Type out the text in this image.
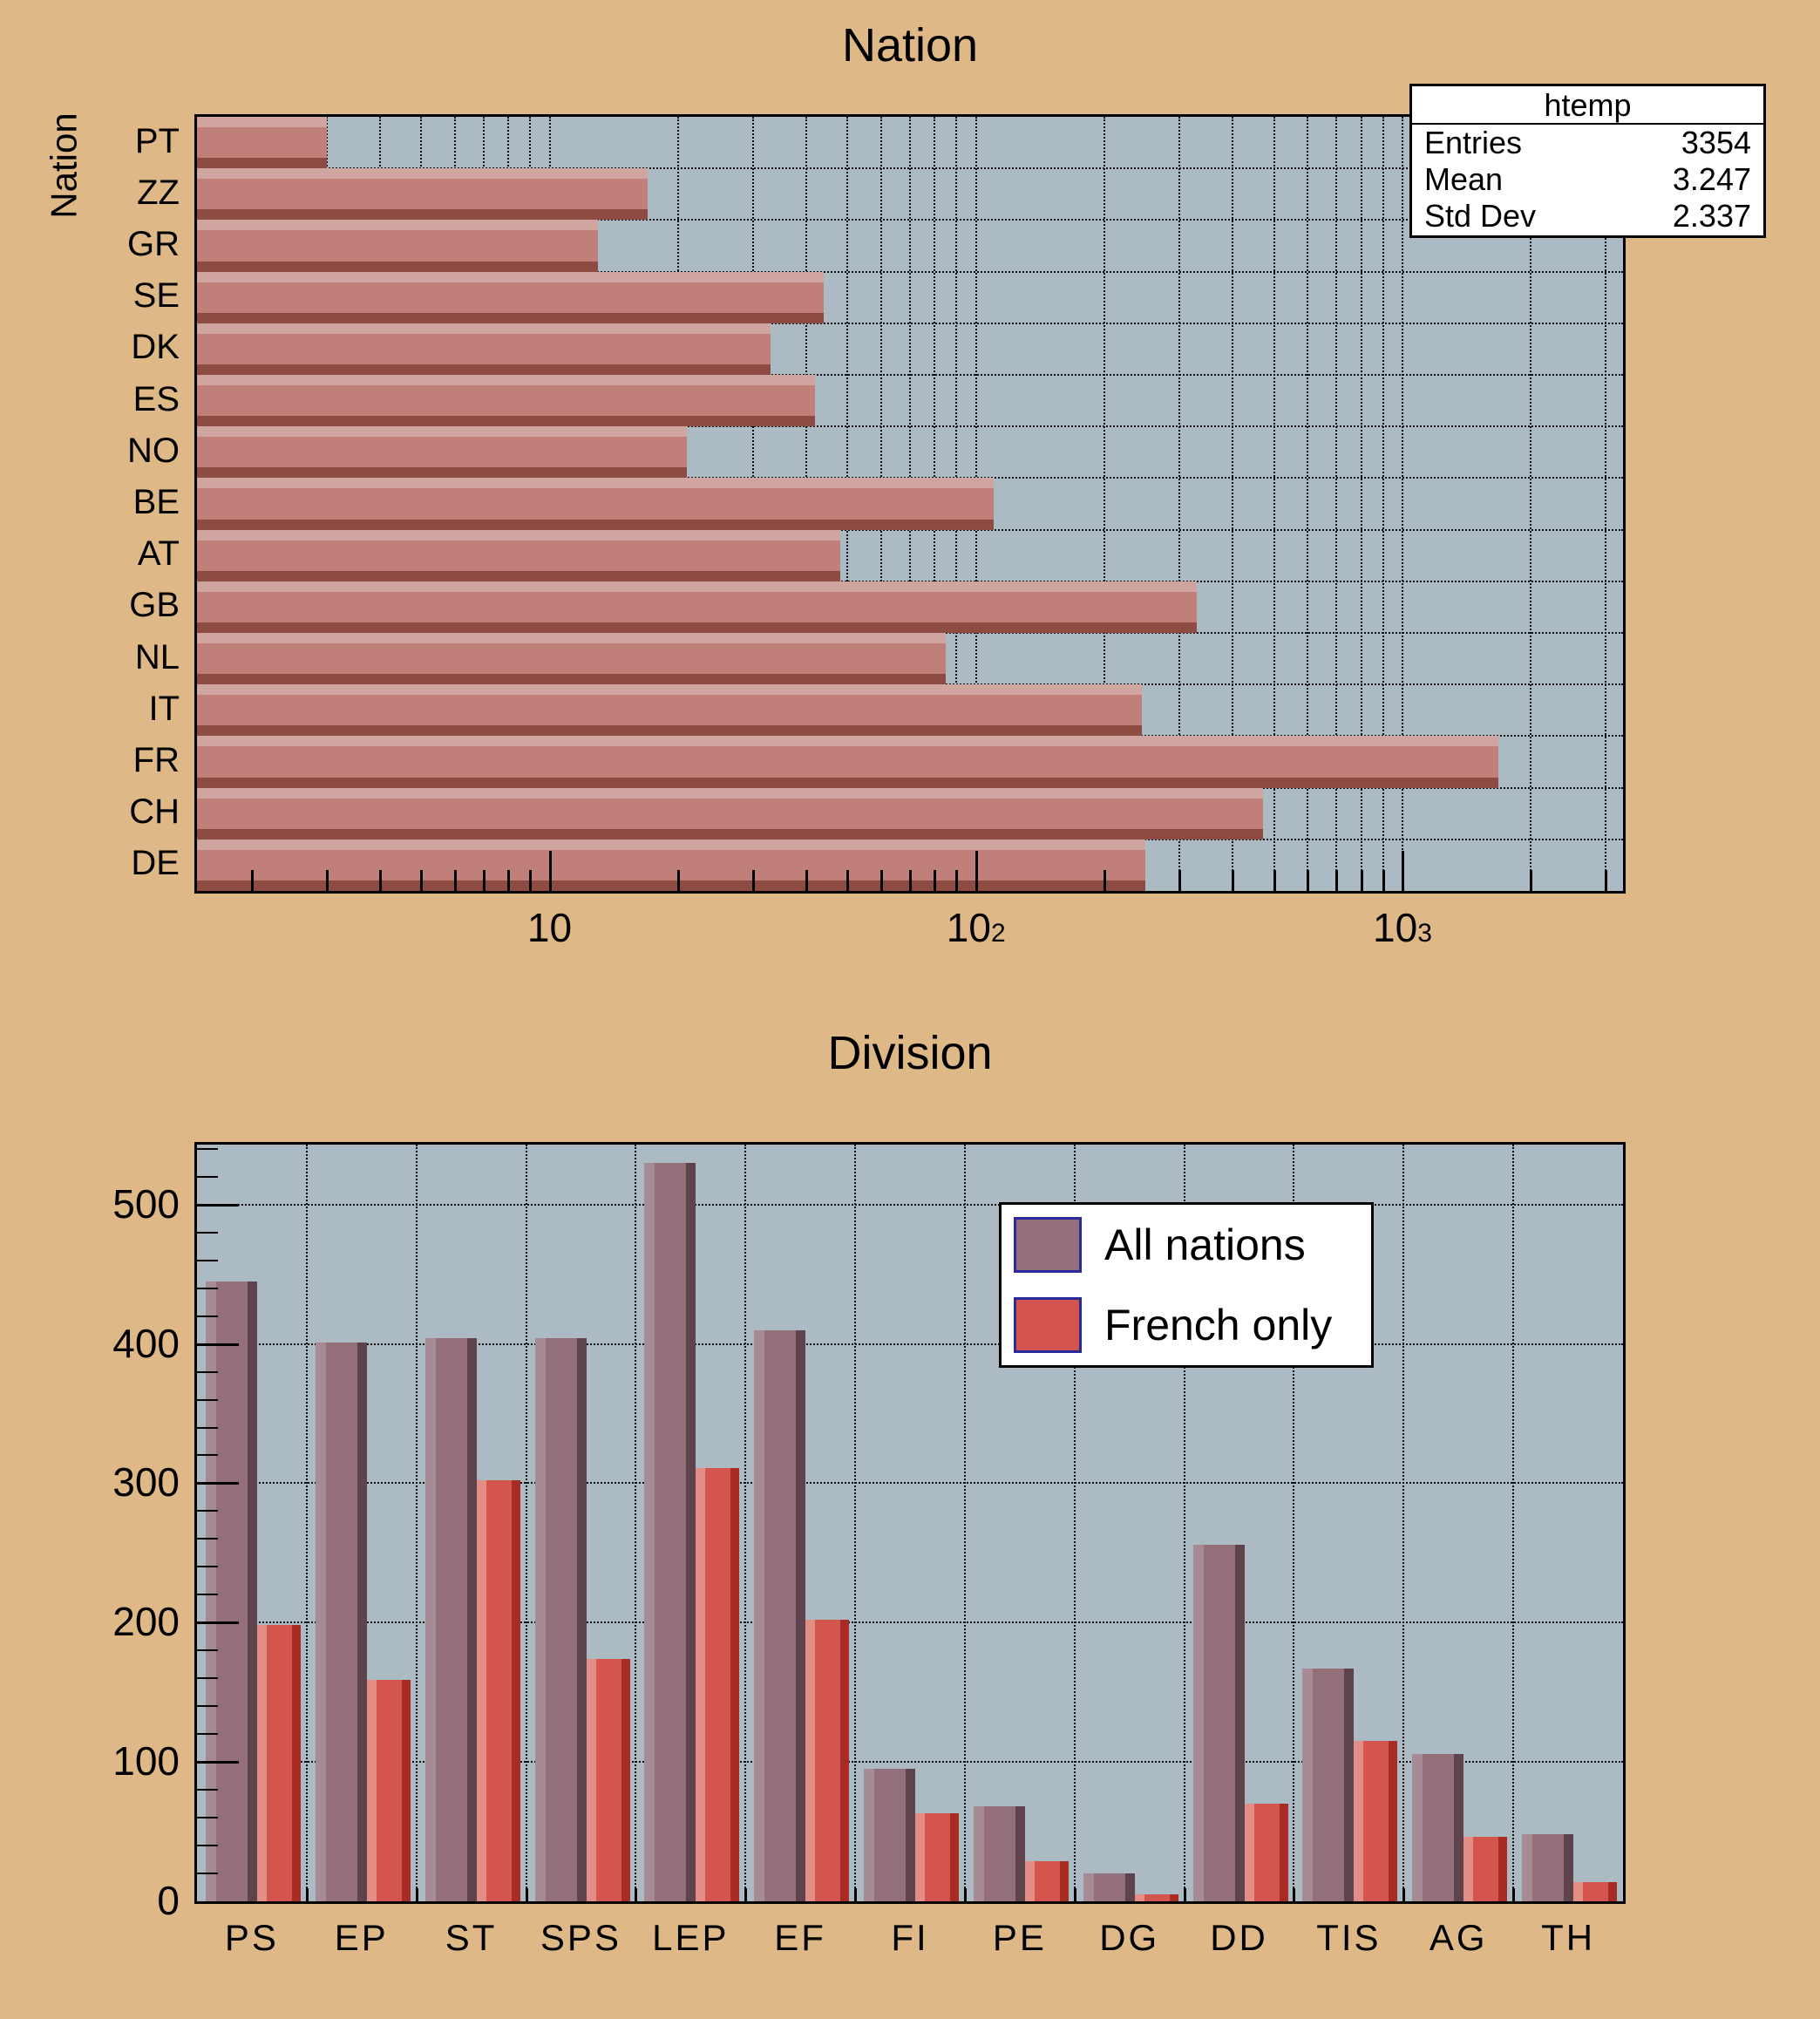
Nation
Nation
htemp
Entries	3354
Mean	3.247
Std Dev	2.337
Division
All nations
French only
PT
ZZ
GR
SE
DK
ES
NO
BE
AT
GB
NL
IT
FR
CH
DE
10	$10^2$	$10^3$
0
100
200
300
400
500
PS	EP	ST	SPS LEP	EF	FI	PE	DG	DD	TIS	AG	TH
